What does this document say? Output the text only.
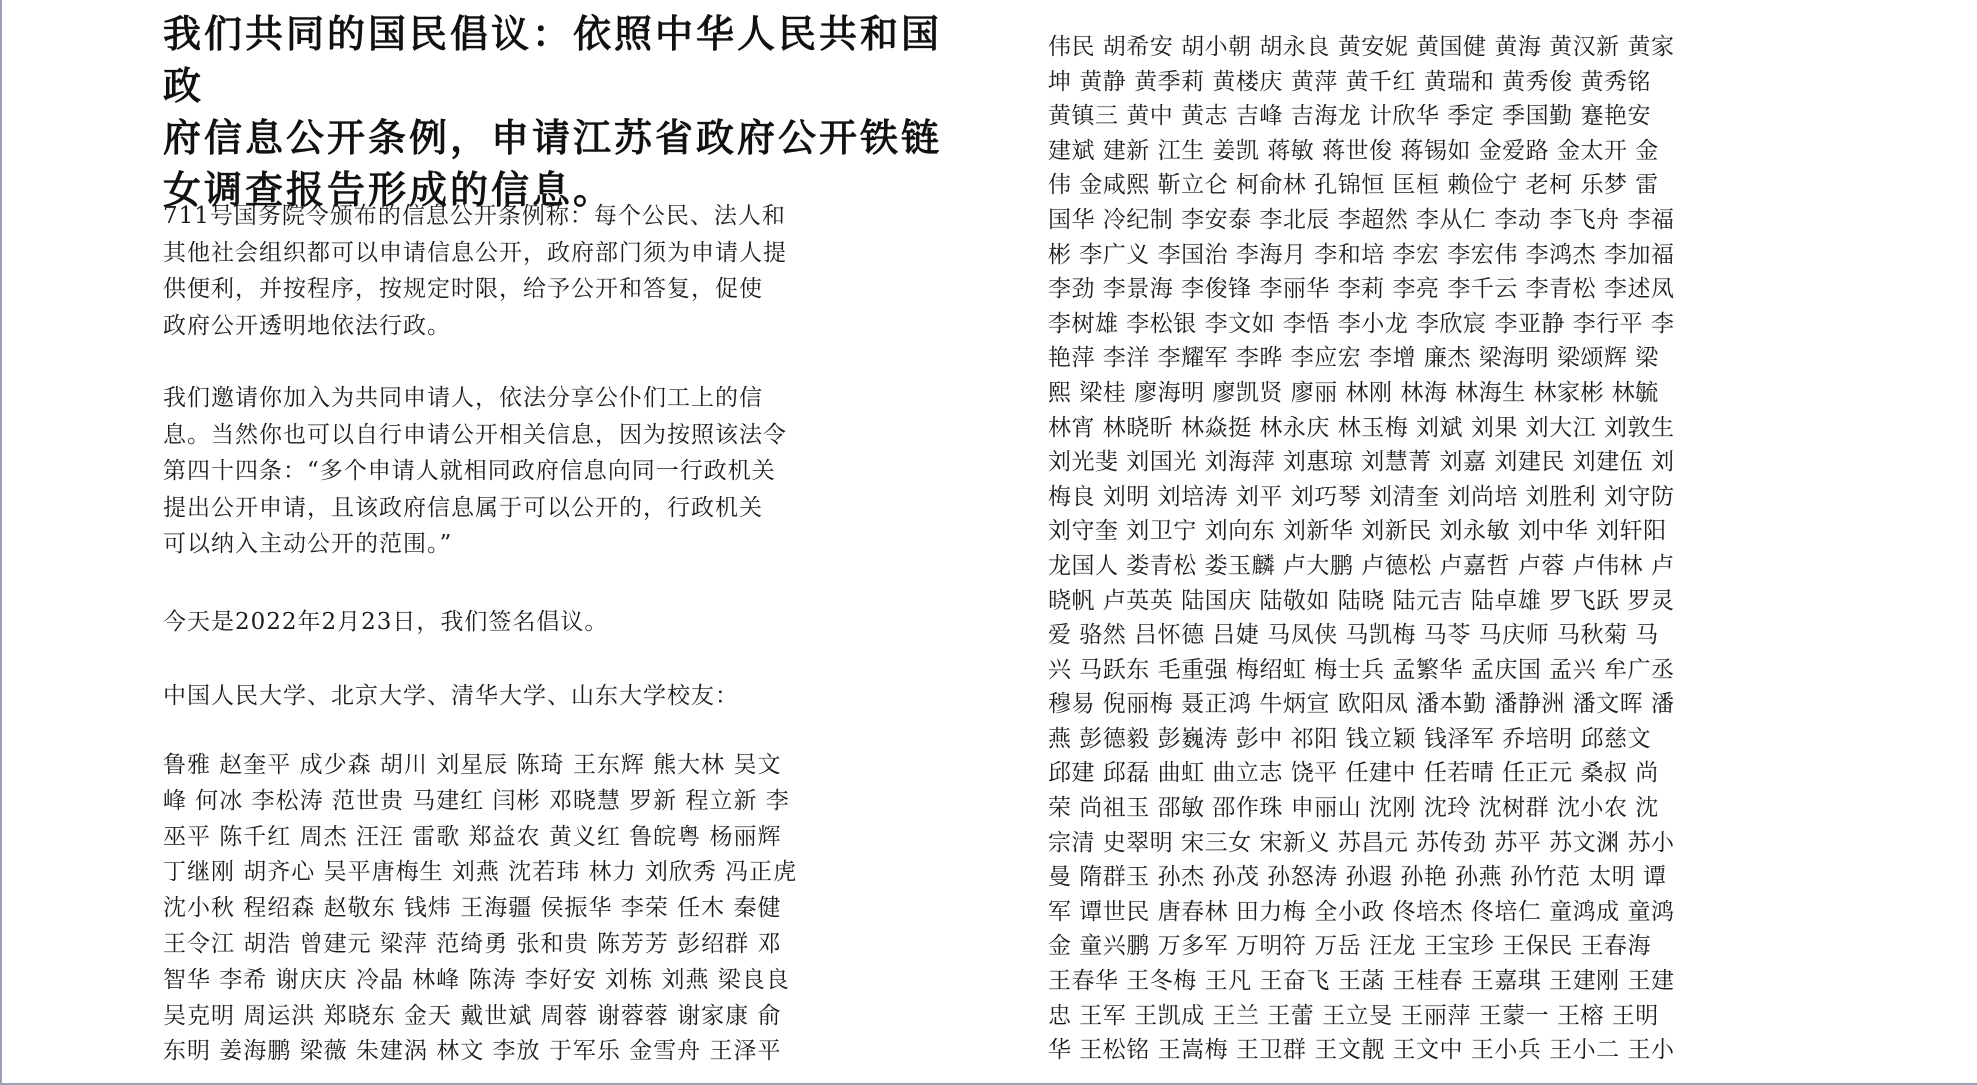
我们共同的国民倡议：依照中华人民共和国政
府信息公开条例，申请江苏省政府公开铁链
女调查报告形成的信息。
711号国务院令颁布的信息公开条例称：每个公民、法人和
其他社会组织都可以申请信息公开，政府部门须为申请人提
供便利，并按程序，按规定时限，给予公开和答复，促使
政府公开透明地依法行政。
我们邀请你加入为共同申请人，依法分享公仆们工上的信
息。当然你也可以自行申请公开相关信息，因为按照该法令
第四十四条：“多个申请人就相同政府信息向同一行政机关
提出公开申请，且该政府信息属于可以公开的，行政机关
可以纳入主动公开的范围。”
今天是2022年2月23日，我们签名倡议。
中国人民大学、北京大学、清华大学、山东大学校友：
鲁雅 赵奎平 成少森 胡川 刘星辰 陈琦 王东辉 熊大林 吴文
峰 何冰 李松涛 范世贵 马建红 闫彬 邓晓慧 罗新 程立新 李
巫平 陈千红 周杰 汪汪 雷歌 郑益农 黄义红 鲁皖粤 杨丽辉
丁继刚 胡齐心 吴平唐梅生 刘燕 沈若玮 林力 刘欣秀 冯正虎
沈小秋 程绍森 赵敬东 钱炜 王海疆 侯振华 李荣 任木 秦健
王令江 胡浩 曾建元 梁萍 范绮勇 张和贵 陈芳芳 彭绍群 邓
智华 李希 谢庆庆 冷晶 林峰 陈涛 李好安 刘栋 刘燕 梁良良
吴克明 周运洪 郑晓东 金天 戴世斌 周蓉 谢蓉蓉 谢家康 俞
东明 姜海鹏 梁薇 朱建涡 林文 李放 于军乐 金雪舟 王泽平
伟民 胡希安 胡小朝 胡永良 黄安妮 黄国健 黄海 黄汉新 黄家
坤 黄静 黄季莉 黄楼庆 黄萍 黄千红 黄瑞和 黄秀俊 黄秀铭
黄镇三 黄中 黄志 吉峰 吉海龙 计欣华 季定 季国勤 蹇艳安
建斌 建新 江生 姜凯 蒋敏 蒋世俊 蒋锡如 金爱路 金太开 金
伟 金咸熙 靳立仑 柯俞林 孔锦恒 匡桓 赖俭宁 老柯 乐梦 雷
国华 冷纪制 李安泰 李北辰 李超然 李从仁 李动 李飞舟 李福
彬 李广义 李国治 李海月 李和培 李宏 李宏伟 李鸿杰 李加福
李劲 李景海 李俊锋 李丽华 李莉 李亮 李千云 李青松 李述凤
李树雄 李松银 李文如 李悟 李小龙 李欣宸 李亚静 李行平 李
艳萍 李洋 李耀军 李晔 李应宏 李增 廉杰 梁海明 梁颂辉 梁
熙 梁桂 廖海明 廖凯贤 廖丽 林刚 林海 林海生 林家彬 林毓
林宵 林晓昕 林焱挺 林永庆 林玉梅 刘斌 刘果 刘大江 刘敦生
刘光斐 刘国光 刘海萍 刘惠琼 刘慧菁 刘嘉 刘建民 刘建伍 刘
梅良 刘明 刘培涛 刘平 刘巧琴 刘清奎 刘尚培 刘胜利 刘守防
刘守奎 刘卫宁 刘向东 刘新华 刘新民 刘永敏 刘中华 刘轩阳
龙国人 娄青松 娄玉麟 卢大鹏 卢德松 卢嘉哲 卢蓉 卢伟林 卢
晓帆 卢英英 陆国庆 陆敬如 陆晓 陆元吉 陆卓雄 罗飞跃 罗灵
爱 骆然 吕怀德 吕婕 马凤侠 马凯梅 马苓 马庆师 马秋菊 马
兴 马跃东 毛重强 梅绍虹 梅士兵 孟繁华 孟庆国 孟兴 牟广丞
穆易 倪丽梅 聂正鸿 牛炳宣 欧阳凤 潘本勤 潘静洲 潘文晖 潘
燕 彭德毅 彭巍涛 彭中 祁阳 钱立颖 钱泽军 乔培明 邱慈文
邱建 邱磊 曲虹 曲立志 饶平 任建中 任若晴 任正元 桑叔 尚
荣 尚祖玉 邵敏 邵作珠 申丽山 沈刚 沈玲 沈树群 沈小农 沈
宗清 史翠明 宋三女 宋新义 苏昌元 苏传劲 苏平 苏文渊 苏小
曼 隋群玉 孙杰 孙茂 孙怒涛 孙遐 孙艳 孙燕 孙竹范 太明 谭
军 谭世民 唐春林 田力梅 全小政 佟培杰 佟培仁 童鸿成 童鸿
金 童兴鹏 万多军 万明符 万岳 汪龙 王宝珍 王保民 王春海
王春华 王冬梅 王凡 王奋飞 王菡 王桂春 王嘉琪 王建刚 王建
忠 王军 王凯成 王兰 王蕾 王立旻 王丽萍 王蒙一 王榕 王明
华 王松铭 王嵩梅 王卫群 王文靓 王文中 王小兵 王小二 王小
